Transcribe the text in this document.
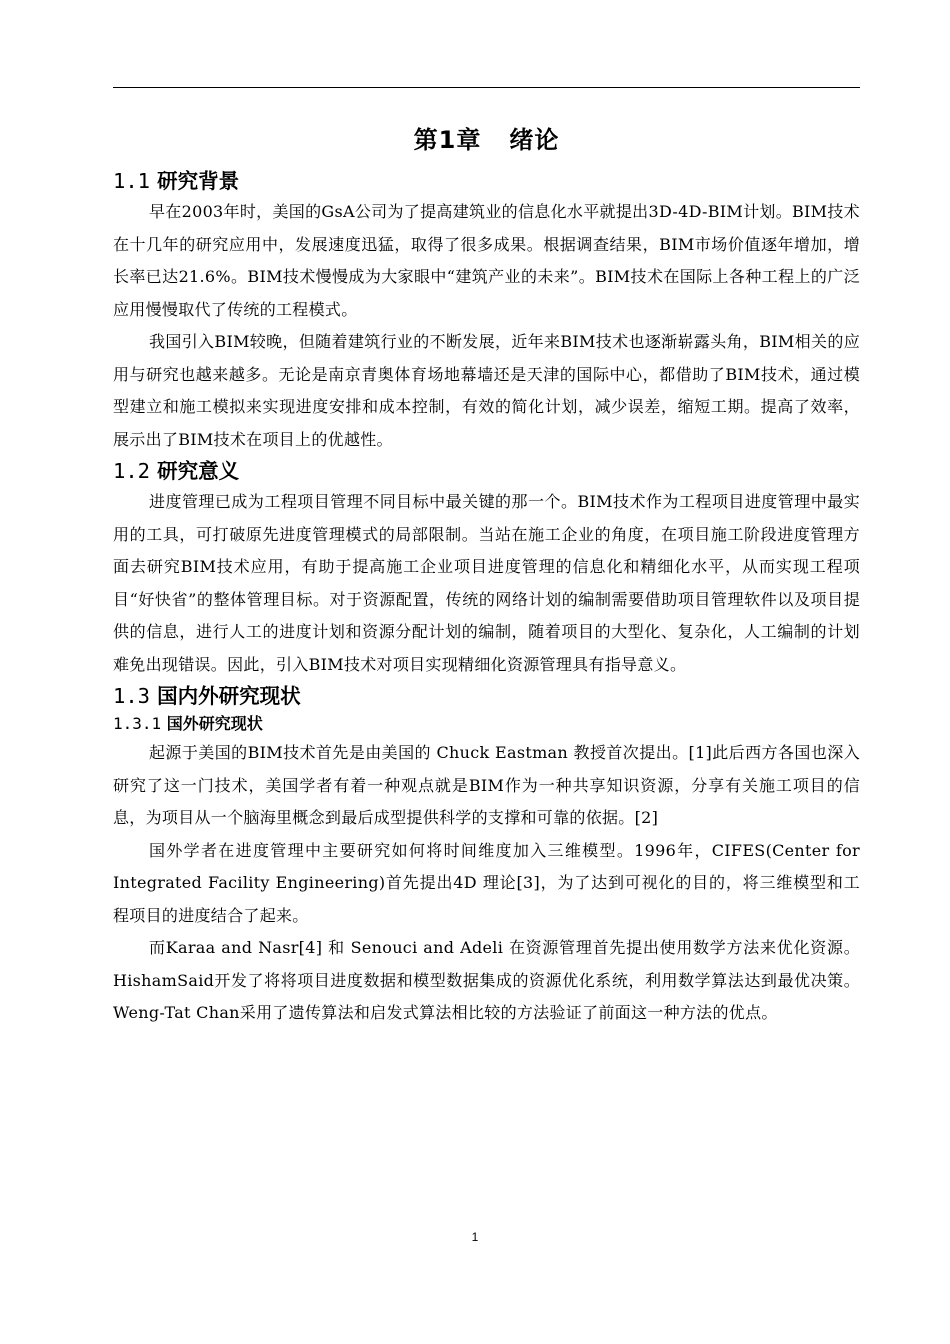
第1章 绪论
1.1 研究背景

早在2003年时，美国的GsA公司为了提高建筑业的信息化水平就提出3D-4D-BIM计划。BIM技术在十几年的研究应用中，发展速度迅猛，取得了很多成果。根据调查结果，BIM市场价值逐年增加，增长率已达21.6%。BIM技术慢慢成为大家眼中“建筑产业的未来”。BIM技术在国际上各种工程上的广泛应用慢慢取代了传统的工程模式。

我国引入BIM较晚，但随着建筑行业的不断发展，近年来BIM技术也逐渐崭露头角，BIM相关的应用与研究也越来越多。无论是南京青奥体育场地幕墙还是天津的国际中心，都借助了BIM技术，通过模型建立和施工模拟来实现进度安排和成本控制，有效的简化计划，减少误差，缩短工期。提高了效率，展示出了BIM技术在项目上的优越性。

1.2 研究意义

进度管理已成为工程项目管理不同目标中最关键的那一个。BIM技术作为工程项目进度管理中最实用的工具，可打破原先进度管理模式的局部限制。当站在施工企业的角度，在项目施工阶段进度管理方面去研究BIM技术应用，有助于提高施工企业项目进度管理的信息化和精细化水平，从而实现工程项目“好快省”的整体管理目标。对于资源配置，传统的网络计划的编制需要借助项目管理软件以及项目提供的信息，进行人工的进度计划和资源分配计划的编制，随着项目的大型化、复杂化，人工编制的计划难免出现错误。因此，引入BIM技术对项目实现精细化资源管理具有指导意义。

1.3 国内外研究现状
1.3.1 国外研究现状

起源于美国的BIM技术首先是由美国的 Chuck Eastman 教授首次提出。[1]此后西方各国也深入研究了这一门技术，美国学者有着一种观点就是BIM作为一种共享知识资源，分享有关施工项目的信息，为项目从一个脑海里概念到最后成型提供科学的支撑和可靠的依据。[2]

国外学者在进度管理中主要研究如何将时间维度加入三维模型。1996年，CIFES(Center for Integrated Facility Engineering)首先提出4D 理论[3]，为了达到可视化的目的，将三维模型和工程项目的进度结合了起来。

而Karaa and Nasr[4] 和 Senouci and Adeli 在资源管理首先提出使用数学方法来优化资源。HishamSaid开发了将将项目进度数据和模型数据集成的资源优化系统，利用数学算法达到最优决策。Weng-Tat Chan采用了遗传算法和启发式算法相比较的方法验证了前面这一种方法的优点。

1
